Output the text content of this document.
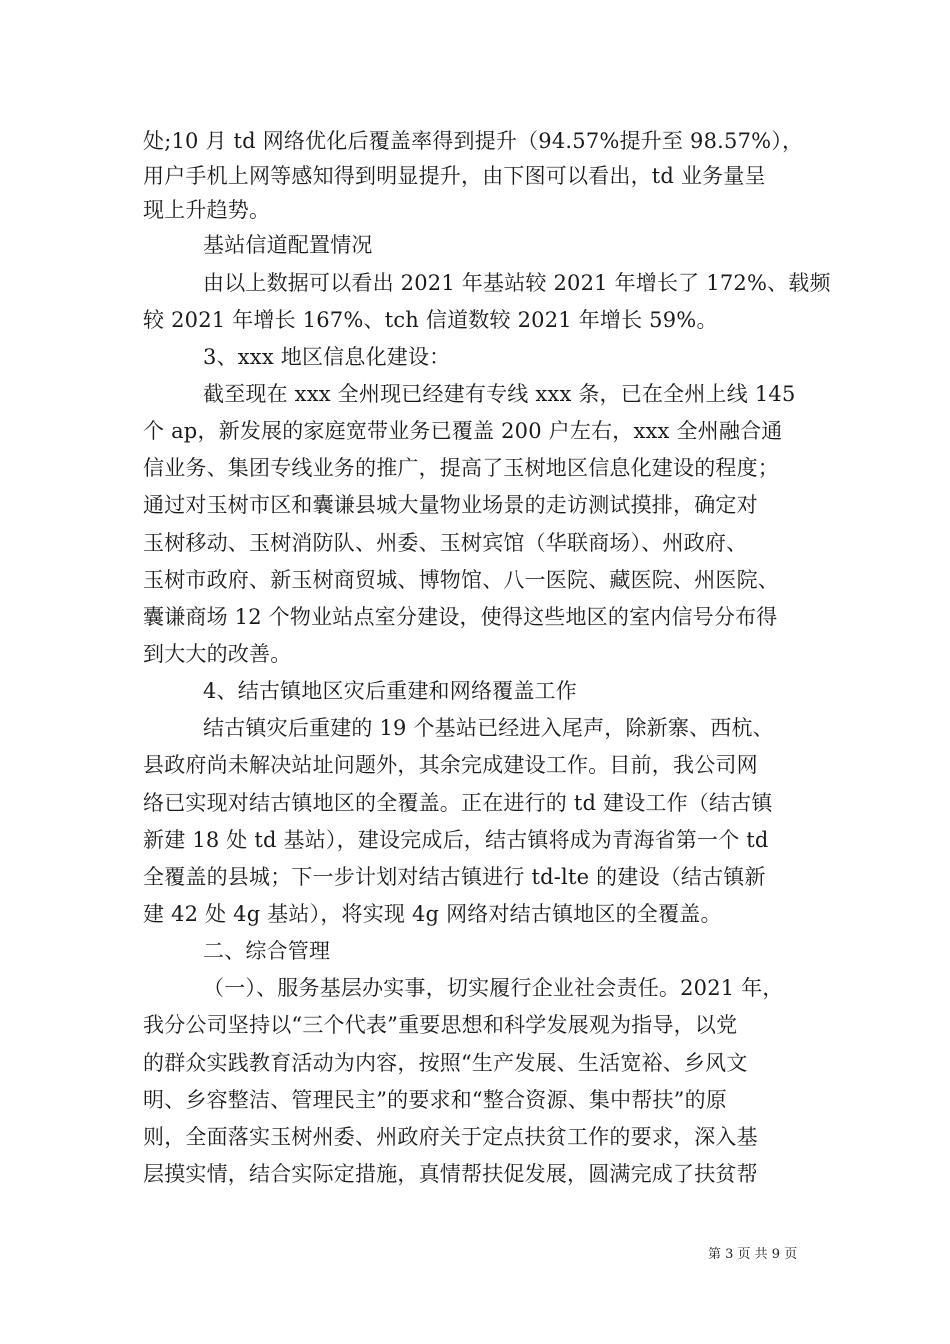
处;10 月 td 网络优化后覆盖率得到提升（94.57%提升至 98.57%），
用户手机上网等感知得到明显提升，由下图可以看出，td 业务量呈
现上升趋势。
基站信道配置情况
由以上数据可以看出 2021 年基站较 2021 年增长了 172%、载频
较 2021 年增长 167%、tch 信道数较 2021 年增长 59%。
3、xxx 地区信息化建设：
截至现在 xxx 全州现已经建有专线 xxx 条，已在全州上线 145
个 ap，新发展的家庭宽带业务已覆盖 200 户左右，xxx 全州融合通
信业务、集团专线业务的推广，提高了玉树地区信息化建设的程度；
通过对玉树市区和囊谦县城大量物业场景的走访测试摸排，确定对
玉树移动、玉树消防队、州委、玉树宾馆（华联商场）、州政府、
玉树市政府、新玉树商贸城、博物馆、八一医院、藏医院、州医院、
囊谦商场 12 个物业站点室分建设，使得这些地区的室内信号分布得
到大大的改善。
4、结古镇地区灾后重建和网络覆盖工作
结古镇灾后重建的 19 个基站已经进入尾声，除新寨、西杭、
县政府尚未解决站址问题外，其余完成建设工作。目前，我公司网
络已实现对结古镇地区的全覆盖。正在进行的 td 建设工作（结古镇
新建 18 处 td 基站），建设完成后，结古镇将成为青海省第一个 td
全覆盖的县城；下一步计划对结古镇进行 td-lte 的建设（结古镇新
建 42 处 4g 基站），将实现 4g 网络对结古镇地区的全覆盖。
二、综合管理
（一）、服务基层办实事，切实履行企业社会责任。2021 年，
我分公司坚持以“三个代表”重要思想和科学发展观为指导，以党
的群众实践教育活动为内容，按照“生产发展、生活宽裕、乡风文
明、乡容整洁、管理民主”的要求和“整合资源、集中帮扶”的原
则，全面落实玉树州委、州政府关于定点扶贫工作的要求，深入基
层摸实情，结合实际定措施，真情帮扶促发展，圆满完成了扶贫帮
第 3 页 共 9 页
